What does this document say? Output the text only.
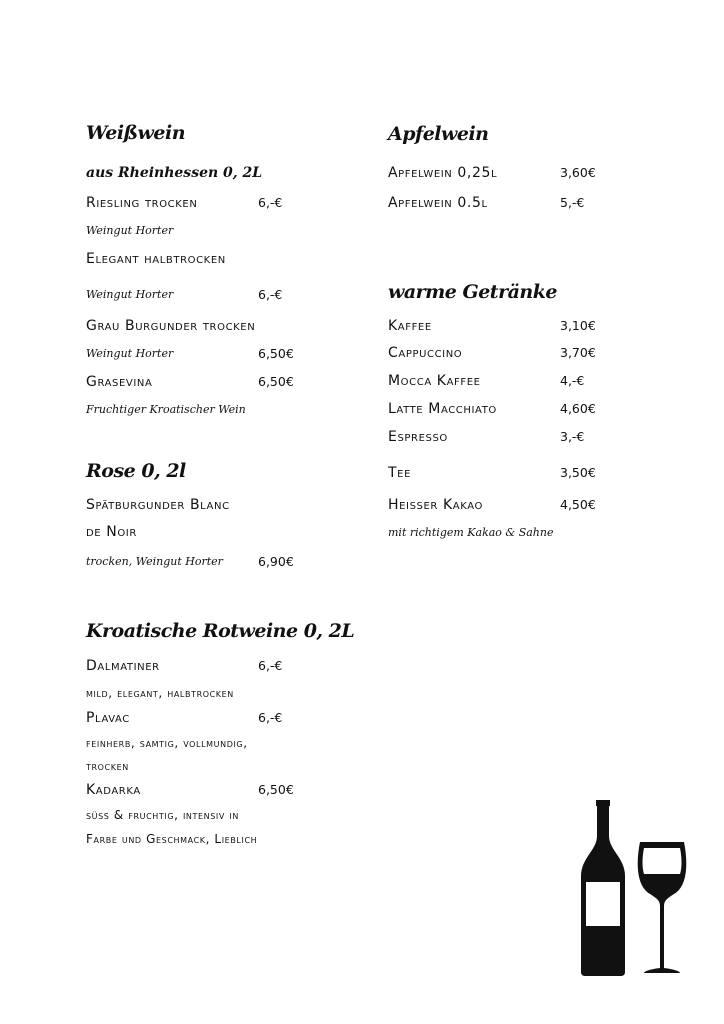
Weißwein
aus Rheinhessen 0, 2L
Riesling trocken	6,-€
Weingut Horter
Elegant halbtrocken
Weingut Horter	6,-€
Grau Burgunder trocken
Weingut Horter	6,50€
Grasevina	6,50€
Fruchtiger Kroatischer Wein
Rose 0, 2l
Spätburgunder Blanc
de Noir
trocken, Weingut Horter	6,90€
Kroatische Rotweine 0, 2L
Dalmatiner	6,-€
mild, elegant, halbtrocken
Plavac	6,-€
feinherb, samtig, vollmundig,
trocken
Kadarka	6,50€
süss & fruchtig, intensiv in
Farbe und Geschmack, Lieblich
Apfelwein
Apfelwein 0,25l	3,60€
Apfelwein 0.5l	5,-€
warme Getränke
Kaffee	3,10€
Cappuccino	3,70€
Mocca Kaffee	4,-€
Latte Macchiato	4,60€
Espresso	3,-€
Tee	3,50€
Heisser Kakao	4,50€
mit richtigem Kakao & Sahne
